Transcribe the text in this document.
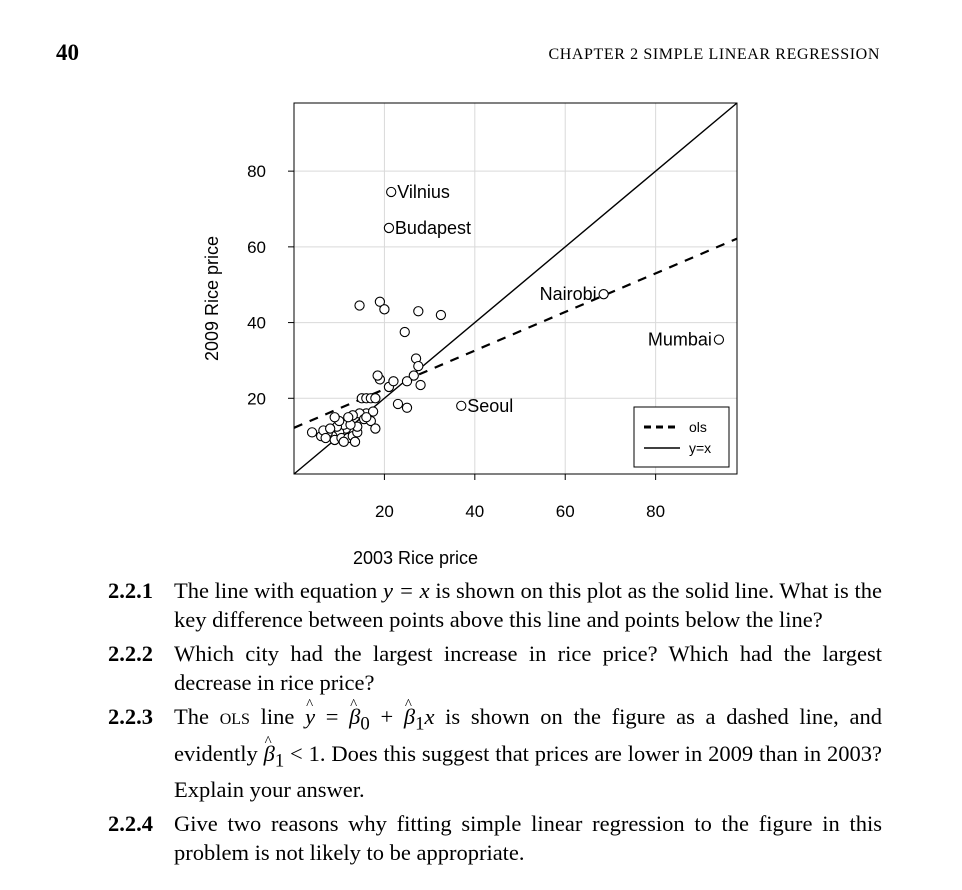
40	CHAPTER 2 SIMPLE LINEAR REGRESSION
Vilnius
Budapest
Nairobi
Mumbai
Seoul
20	40	60	80
20
40
60
80
ols
y=x
2003 Rice price
2009 Rice price
2.2.1 The line with equation y = x is shown on this plot as the solid line. What is the key difference between points above this line and points below the line?
2.2.2 Which city had the largest increase in rice price? Which had the largest decrease in rice price?
2.2.3 The ols line ^ y = ^ $\beta_0$ + ^ $\beta_1x$ is shown on the figure as a dashed line, and evidently ^ $\beta_1 < 1$. Does this suggest that prices are lower in 2009 than in 2003? Explain your answer.
2.2.4 Give two reasons why fitting simple linear regression to the figure in this problem is not likely to be appropriate.
